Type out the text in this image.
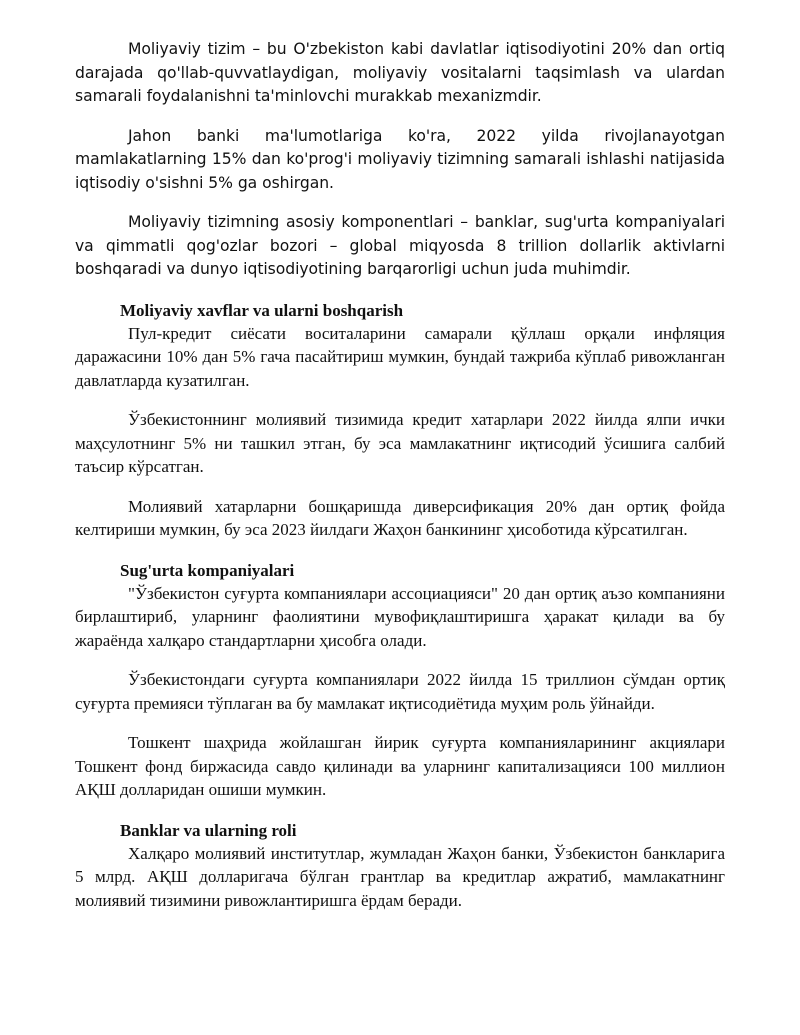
Moliyaviy tizim – bu O'zbekiston kabi davlatlar iqtisodiyotini 20% dan ortiq darajada qo'llab-quvvatlaydigan, moliyaviy vositalarni taqsimlash va ulardan samarali foydalanishni ta'minlovchi murakkab mexanizmdir.

Jahon banki ma'lumotlariga ko'ra, 2022 yilda rivojlanayotgan mamlakatlarning 15% dan ko'prog'i moliyaviy tizimning samarali ishlashi natijasida iqtisodiy o'sishni 5% ga oshirgan.

Moliyaviy tizimning asosiy komponentlari – banklar, sug'urta kompaniyalari va qimmatli qog'ozlar bozori – global miqyosda 8 trillion dollarlik aktivlarni boshqaradi va dunyo iqtisodiyotining barqarorligi uchun juda muhimdir.

Moliyaviy xavflar va ularni boshqarish

Пул-кредит сиёсати воситаларини самарали қўллаш орқали инфляция даражасини 10% дан 5% гача пасайтириш мумкин, бундай тажриба кўплаб ривожланган давлатларда кузатилган.

Ўзбекистоннинг молиявий тизимида кредит хатарлари 2022 йилда ялпи ички маҳсулотнинг 5% ни ташкил этган, бу эса мамлакатнинг иқтисодий ўсишига салбий таъсир кўрсатган.

Молиявий хатарларни бошқаришда диверсификация 20% дан ортиқ фойда келтириши мумкин, бу эса 2023 йилдаги Жаҳон банкининг ҳисоботида кўрсатилган.

Sug'urta kompaniyalari

"Ўзбекистон суғурта компаниялари ассоциацияси" 20 дан ортиқ аъзо компанияни бирлаштириб, уларнинг фаолиятини мувофиқлаштиришга ҳаракат қилади ва бу жараёнда халқаро стандартларни ҳисобга олади.

Ўзбекистондаги суғурта компаниялари 2022 йилда 15 триллион сўмдан ортиқ суғурта премияси тўплаган ва бу мамлакат иқтисодиётида муҳим роль ўйнайди.

Тошкент шаҳрида жойлашган йирик суғурта компанияларининг акциялари Тошкент фонд биржасида савдо қилинади ва уларнинг капитализацияси 100 миллион АҚШ долларидан ошиши мумкин.

Banklar va ularning roli

Халқаро молиявий институтлар, жумладан Жаҳон банки, Ўзбекистон банкларига 5 млрд. АҚШ долларигача бўлган грантлар ва кредитлар ажратиб, мамлакатнинг молиявий тизимини ривожлантиришга ёрдам беради.
